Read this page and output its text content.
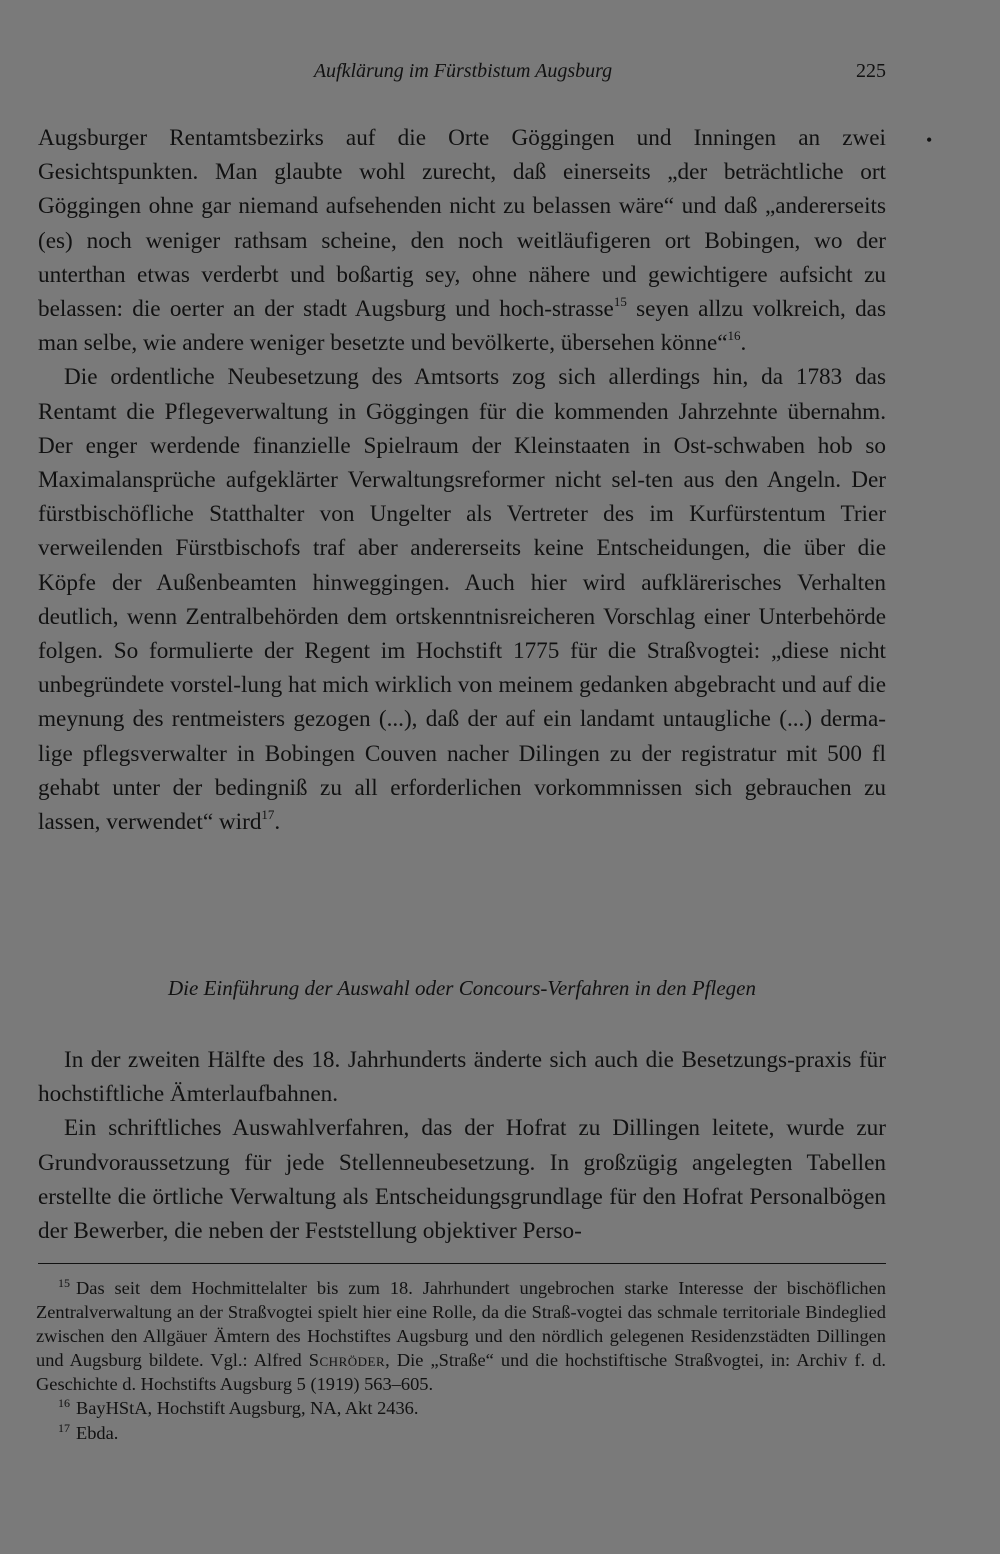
Aufklärung im Fürstbistum Augsburg	225
•

Augsburger Rentamtsbezirks auf die Orte Göggingen und Inningen an zwei Gesichtspunkten. Man glaubte wohl zurecht, daß einerseits „der beträchtliche ort Göggingen ohne gar niemand aufsehenden nicht zu belassen wäre“ und daß „andererseits (es) noch weniger rathsam scheine, den noch weitläufigeren ort Bobingen, wo der unterthan etwas verderbt und boßartig sey, ohne nähere und gewichtigere aufsicht zu belassen: die oerter an der stadt Augsburg und hoch-strasse$^{15}$ seyen allzu volkreich, das man selbe, wie andere weniger besetzte und bevölkerte, übersehen könne“$^{16}$.

Die ordentliche Neubesetzung des Amtsorts zog sich allerdings hin, da 1783 das Rentamt die Pflegeverwaltung in Göggingen für die kommenden Jahrzehnte übernahm. Der enger werdende finanzielle Spielraum der Kleinstaaten in Ost-schwaben hob so Maximalansprüche aufgeklärter Verwaltungsreformer nicht sel-ten aus den Angeln. Der fürstbischöfliche Statthalter von Ungelter als Vertreter des im Kurfürstentum Trier verweilenden Fürstbischofs traf aber andererseits keine Entscheidungen, die über die Köpfe der Außenbeamten hinweggingen. Auch hier wird aufklärerisches Verhalten deutlich, wenn Zentralbehörden dem ortskenntnisreicheren Vorschlag einer Unterbehörde folgen. So formulierte der Regent im Hochstift 1775 für die Straßvogtei: „diese nicht unbegründete vorstel-lung hat mich wirklich von meinem gedanken abgebracht und auf die meynung des rentmeisters gezogen (...), daß der auf ein landamt untaugliche (...) derma-lige pflegsverwalter in Bobingen Couven nacher Dilingen zu der registratur mit 500 fl gehabt unter der bedingniß zu all erforderlichen vorkommnissen sich gebrauchen zu lassen, verwendet“ wird$^{17}$.

Die Einführung der Auswahl oder Concours-Verfahren in den Pflegen

In der zweiten Hälfte des 18. Jahrhunderts änderte sich auch die Besetzungs-praxis für hochstiftliche Ämterlaufbahnen.

Ein schriftliches Auswahlverfahren, das der Hofrat zu Dillingen leitete, wurde zur Grundvoraussetzung für jede Stellenneubesetzung. In großzügig angelegten Tabellen erstellte die örtliche Verwaltung als Entscheidungsgrundlage für den Hofrat Personalbögen der Bewerber, die neben der Feststellung objektiver Perso-

$^{15}$ Das seit dem Hochmittelalter bis zum 18. Jahrhundert ungebrochen starke Interesse der bischöflichen Zentralverwaltung an der Straßvogtei spielt hier eine Rolle, da die Straß-vogtei das schmale territoriale Bindeglied zwischen den Allgäuer Ämtern des Hochstiftes Augsburg und den nördlich gelegenen Residenzstädten Dillingen und Augsburg bildete. Vgl.: Alfred Schröder, Die „Straße“ und die hochstiftische Straßvogtei, in: Archiv f. d. Geschichte d. Hochstifts Augsburg 5 (1919) 563–605.

$^{16}$ BayHStA, Hochstift Augsburg, NA, Akt 2436.

$^{17}$ Ebda.
